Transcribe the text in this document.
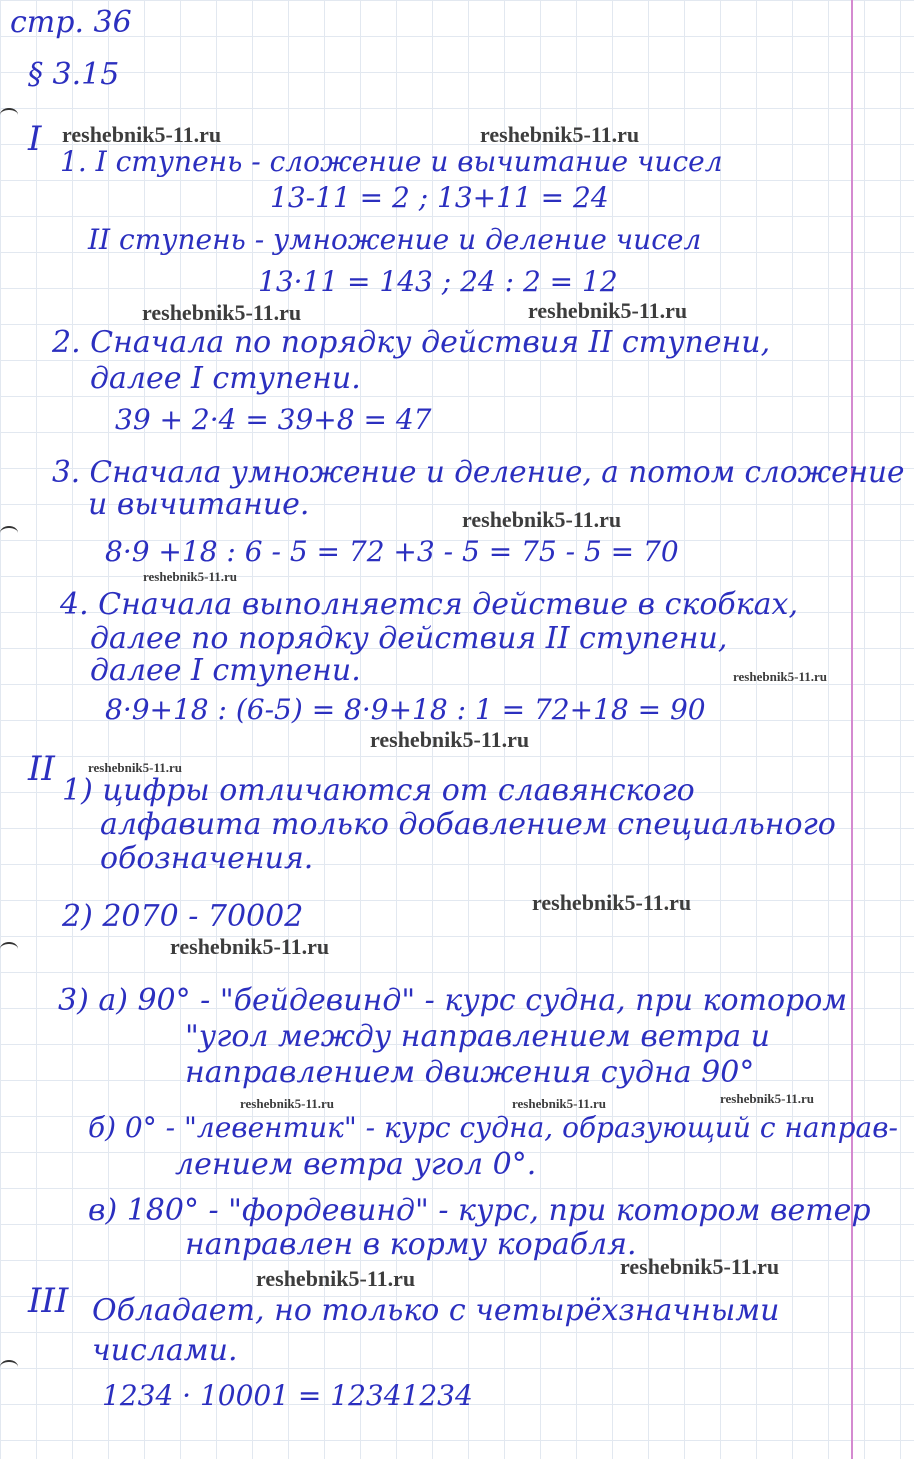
стр. 36
§ 3.15
I
1. I ступень - сложение и вычитание чисел
13-11 = 2 ; 13+11 = 24
II ступень - умножение и деление чисел
13·11 = 143 ; 24 : 2 = 12
2. Сначала по порядку действия II ступени,
далее I ступени.
39 + 2·4 = 39+8 = 47
3. Сначала умножение и деление, а потом сложение
и вычитание.
8·9 +18 : 6 - 5 = 72 +3 - 5 = 75 - 5 = 70
4. Сначала выполняется действие в скобках,
далее по порядку действия II ступени,
далее I ступени.
8·9+18 : (6-5) = 8·9+18 : 1 = 72+18 = 90
II
1) цифры отличаются от славянского
алфавита только добавлением специального
обозначения.
2) 2070 - 70002
3) а) 90° - "бейдевинд" - курс судна, при котором
"угол между направлением ветра и
направлением движения судна 90°
б) 0° - "левентик" - курс судна, образующий с направ-
лением ветра угол 0°.
в) 180° - "фордевинд" - курс, при котором ветер
направлен в корму корабля.
III Обладает, но только с четырёхзначными
числами.
1234 · 10001 = 12341234
reshebnik5-11.ru	reshebnik5-11.ru
reshebnik5-11.ru	reshebnik5-11.ru
reshebnik5-11.ru
reshebnik5-11.ru
reshebnik5-11.ru
reshebnik5-11.ru
reshebnik5-11.ru
reshebnik5-11.ru
reshebnik5-11.ru
reshebnik5-11.ru	reshebnik5-11.ru	reshebnik5-11.ru
reshebnik5-11.ru	reshebnik5-11.ru
